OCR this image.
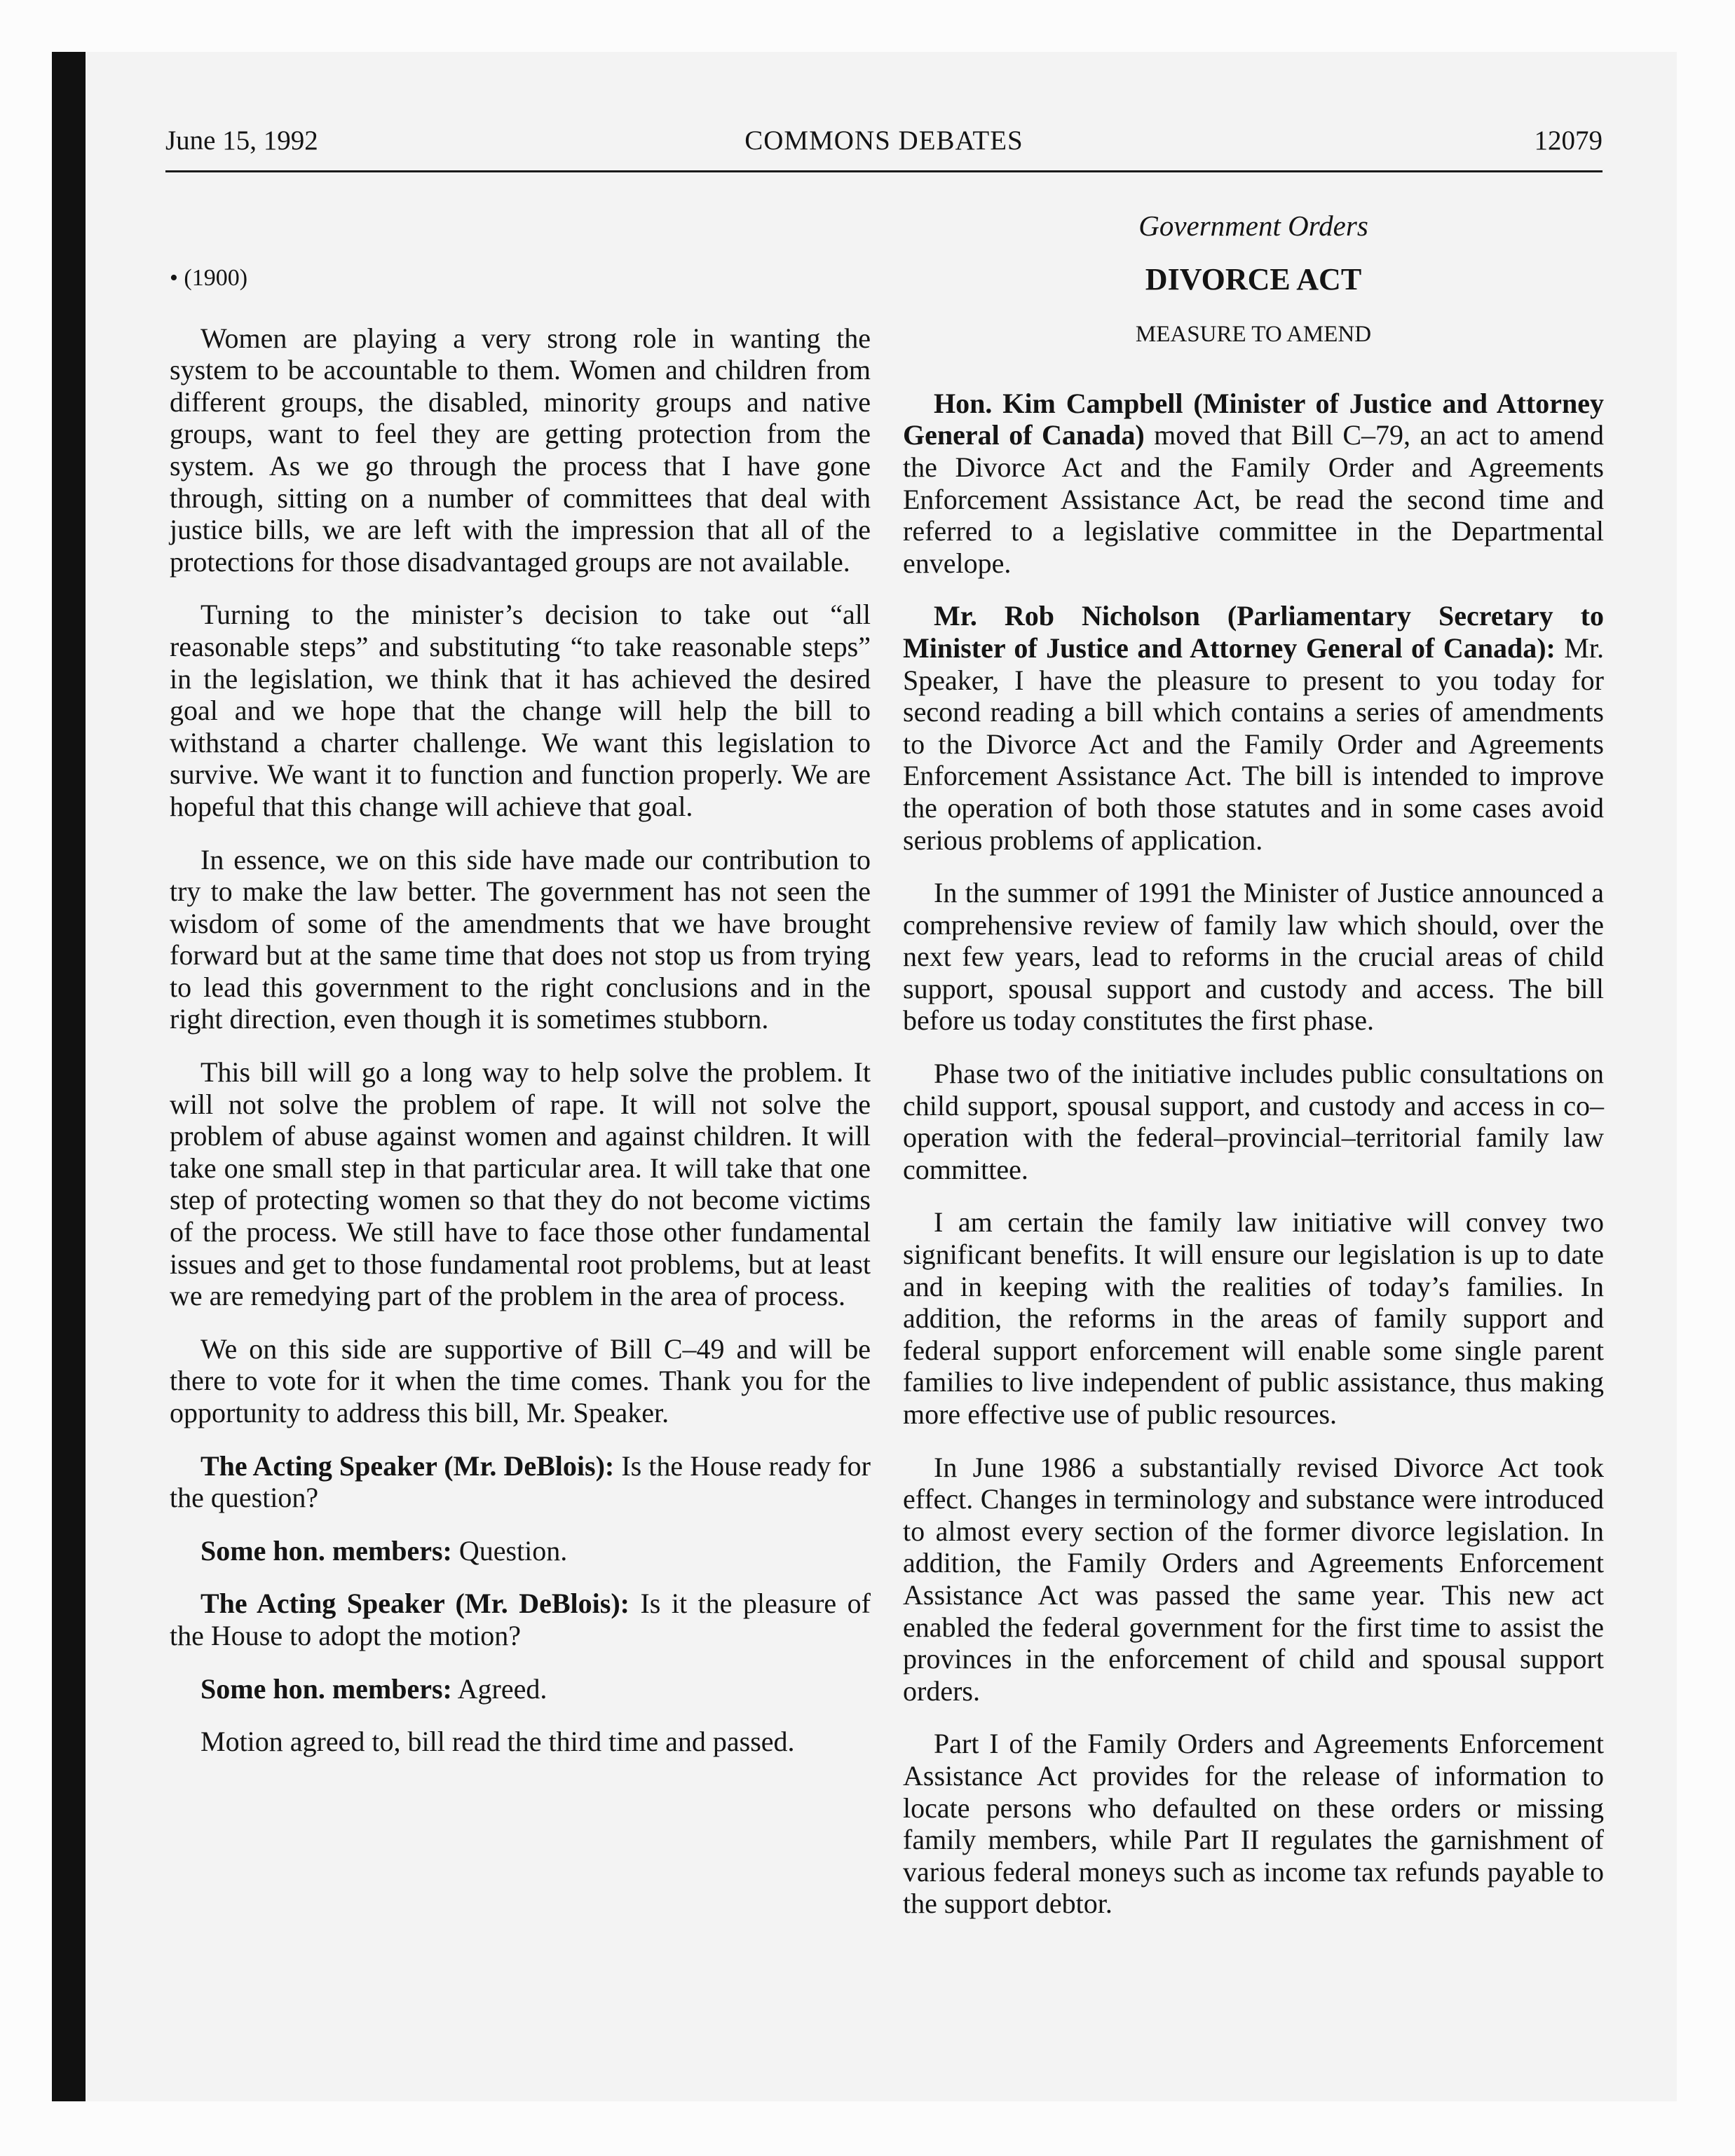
June 15, 1992	COMMONS DEBATES	12079

• (1900)

Women are playing a very strong role in wanting the system to be accountable to them. Women and children from different groups, the disabled, minority groups and native groups, want to feel they are getting protection from the system. As we go through the process that I have gone through, sitting on a number of committees that deal with justice bills, we are left with the impression that all of the protections for those disadvantaged groups are not available.

Turning to the minister’s decision to take out “all reasonable steps” and substituting “to take reasonable steps” in the legislation, we think that it has achieved the desired goal and we hope that the change will help the bill to withstand a charter challenge. We want this legislation to survive. We want it to function and function properly. We are hopeful that this change will achieve that goal.

In essence, we on this side have made our contribution to try to make the law better. The government has not seen the wisdom of some of the amendments that we have brought forward but at the same time that does not stop us from trying to lead this government to the right conclusions and in the right direction, even though it is sometimes stubborn.

This bill will go a long way to help solve the problem. It will not solve the problem of rape. It will not solve the problem of abuse against women and against children. It will take one small step in that particular area. It will take that one step of protecting women so that they do not become victims of the process. We still have to face those other fundamental issues and get to those fundamental root problems, but at least we are remedying part of the problem in the area of process.

We on this side are supportive of Bill C–49 and will be there to vote for it when the time comes. Thank you for the opportunity to address this bill, Mr. Speaker.

The Acting Speaker (Mr. DeBlois): Is the House ready for the question?

Some hon. members: Question.

The Acting Speaker (Mr. DeBlois): Is it the pleasure of the House to adopt the motion?

Some hon. members: Agreed.

Motion agreed to, bill read the third time and passed.

Government Orders
DIVORCE ACT
MEASURE TO AMEND

Hon. Kim Campbell (Minister of Justice and Attorney General of Canada) moved that Bill C–79, an act to amend the Divorce Act and the Family Order and Agreements Enforcement Assistance Act, be read the second time and referred to a legislative committee in the Departmental envelope.

Mr. Rob Nicholson (Parliamentary Secretary to Minister of Justice and Attorney General of Canada): Mr. Speaker, I have the pleasure to present to you today for second reading a bill which contains a series of amendments to the Divorce Act and the Family Order and Agreements Enforcement Assistance Act. The bill is intended to improve the operation of both those statutes and in some cases avoid serious problems of application.

In the summer of 1991 the Minister of Justice announced a comprehensive review of family law which should, over the next few years, lead to reforms in the crucial areas of child support, spousal support and custody and access. The bill before us today constitutes the first phase.

Phase two of the initiative includes public consultations on child support, spousal support, and custody and access in co–operation with the federal–provincial–territorial family law committee.

I am certain the family law initiative will convey two significant benefits. It will ensure our legislation is up to date and in keeping with the realities of today’s families. In addition, the reforms in the areas of family support and federal support enforcement will enable some single parent families to live independent of public assistance, thus making more effective use of public resources.

In June 1986 a substantially revised Divorce Act took effect. Changes in terminology and substance were introduced to almost every section of the former divorce legislation. In addition, the Family Orders and Agreements Enforcement Assistance Act was passed the same year. This new act enabled the federal government for the first time to assist the provinces in the enforcement of child and spousal support orders.

Part I of the Family Orders and Agreements Enforcement Assistance Act provides for the release of information to locate persons who defaulted on these orders or missing family members, while Part II regulates the garnishment of various federal moneys such as income tax refunds payable to the support debtor.
